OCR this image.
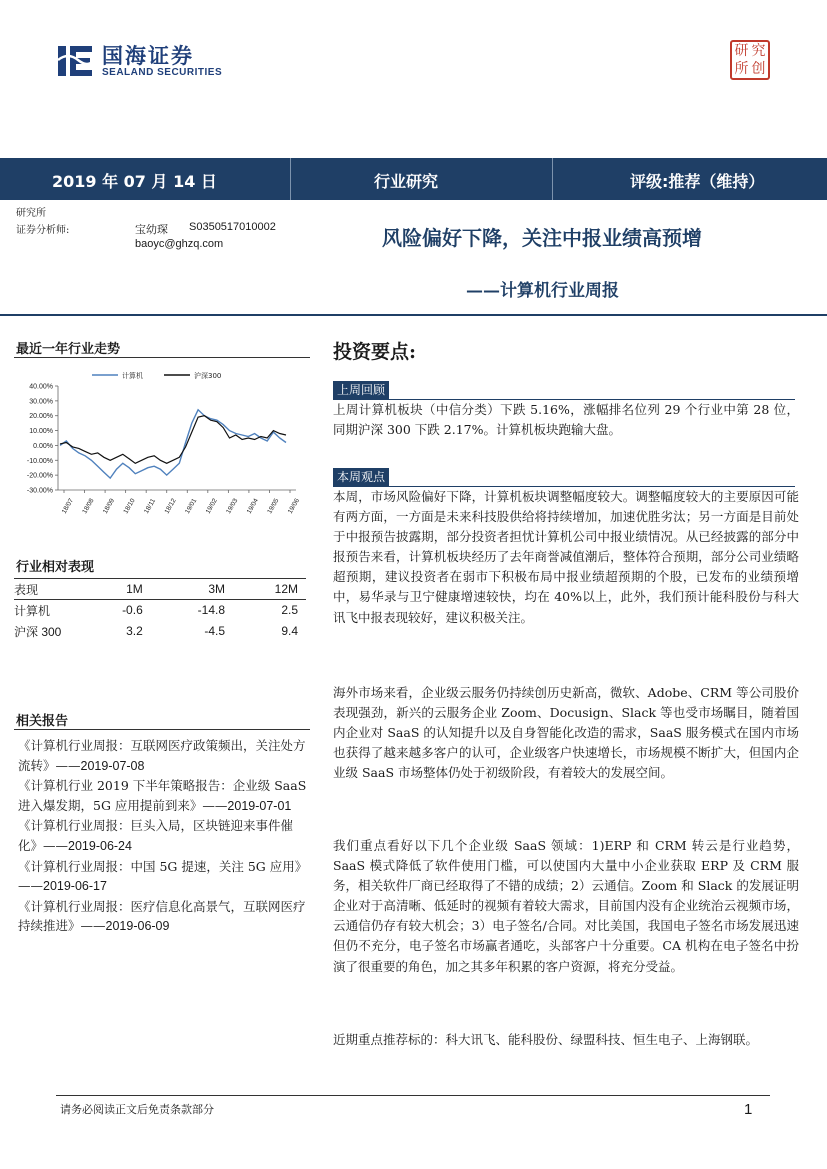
国海证券
SEALAND SECURITIES
研 究
所 创
2019 年 07 月 14 日	行业研究	评级:推荐（维持）
研究所
证券分析师:	宝幼琛 S0350517010002
baoyc@ghzq.com	风险偏好下降，关注中报业绩高预增
——计算机行业周报
最近一年行业走势
40.00%
30.00%
20.00%
10.00%
0.00%
-10.00%
-20.00%
-30.00%
18/07 18/08 18/09 18/10 18/11 18/12 19/01 19/02 19/03 19/04 19/05 19/06
计算机	沪深300
行业相对表现
表现	1M	3M	12M
计算机	-0.6	-14.8	2.5
沪深 300	3.2	-4.5	9.4
相关报告
《计算机行业周报：互联网医疗政策频出，关注处方流转》——2019-07-08
《计算机行业 2019 下半年策略报告：企业级 SaaS 进入爆发期，5G 应用提前到来》——2019-07-01
《计算机行业周报：巨头入局，区块链迎来事件催化》——2019-06-24
《计算机行业周报：中国 5G 提速，关注 5G 应用》——2019-06-17
《计算机行业周报：医疗信息化高景气，互联网医疗持续推进》——2019-06-09
投资要点:
上周回顾
上周计算机板块（中信分类）下跌 5.16%，涨幅排名位列 29 个行业中第 28 位，同期沪深 300 下跌 2.17%。计算机板块跑输大盘。
本周观点
本周，市场风险偏好下降，计算机板块调整幅度较大。调整幅度较大的主要原因可能有两方面，一方面是未来科技股供给将持续增加，加速优胜劣汰；另一方面是目前处于中报预告披露期，部分投资者担忧计算机公司中报业绩情况。从已经披露的部分中报预告来看，计算机板块经历了去年商誉减值潮后，整体符合预期，部分公司业绩略超预期，建议投资者在弱市下积极布局中报业绩超预期的个股，已发布的业绩预增中，易华录与卫宁健康增速较快，均在 40%以上，此外，我们预计能科股份与科大讯飞中报表现较好，建议积极关注。
海外市场来看，企业级云服务仍持续创历史新高，微软、Adobe、CRM 等公司股价表现强劲，新兴的云服务企业 Zoom、Docusign、Slack 等也受市场瞩目，随着国内企业对 SaaS 的认知提升以及自身智能化改造的需求，SaaS 服务模式在国内市场也获得了越来越多客户的认可，企业级客户快速增长，市场规模不断扩大，但国内企业级 SaaS 市场整体仍处于初级阶段，有着较大的发展空间。
我们重点看好以下几个企业级 SaaS 领域：1)ERP 和 CRM 转云是行业趋势，SaaS 模式降低了软件使用门槛，可以使国内大量中小企业获取 ERP 及 CRM 服务，相关软件厂商已经取得了不错的成绩；2）云通信。Zoom 和 Slack 的发展证明企业对于高清晰、低延时的视频有着较大需求，目前国内没有企业统治云视频市场，云通信仍存有较大机会；3）电子签名/合同。对比美国，我国电子签名市场发展迅速但仍不充分，电子签名市场赢者通吃，头部客户十分重要。CA 机构在电子签名中扮演了很重要的角色，加之其多年积累的客户资源，将充分受益。
近期重点推荐标的：科大讯飞、能科股份、绿盟科技、恒生电子、上海钢联。
请务必阅读正文后免责条款部分	1
